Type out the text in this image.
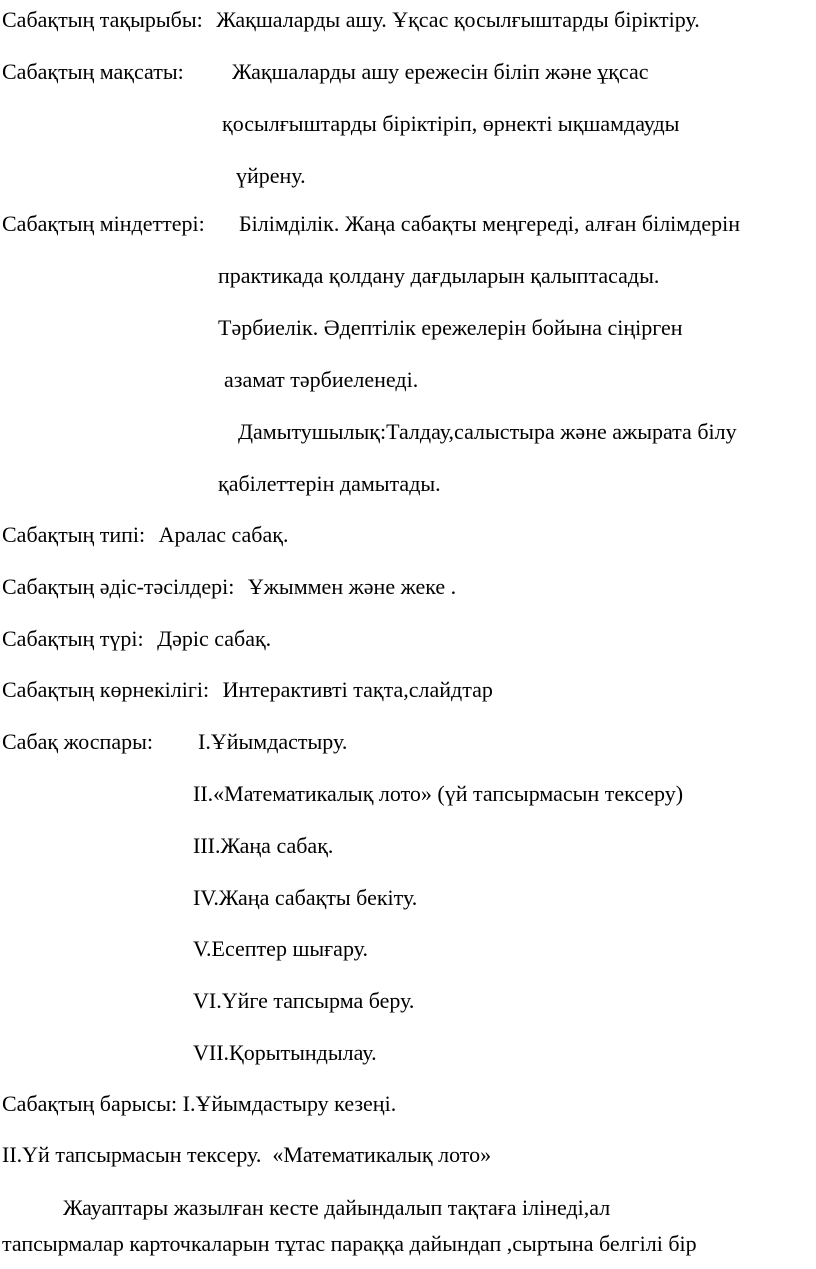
Сабақтың тақырыбы: Жақшаларды ашу. Ұқсас қосылғыштарды біріктіру.
Сабақтың мақсаты: Жақшаларды ашу ережесін біліп және ұқсас
қосылғыштарды біріктіріп, өрнекті ықшамдауды
үйрену.
Сабақтың міндеттері: Білімділік. Жаңа сабақты меңгереді, алған білімдерін
практикада қолдану дағдыларын қалыптасады.
Тәрбиелік. Әдептілік ережелерін бойына сіңірген
азамат тәрбиеленеді.
Дамытушылық:Талдау,салыстыра және ажырата білу
қабілеттерін дамытады.
Сабақтың типі: Аралас сабақ.
Сабақтың әдіс-тәсілдері: Ұжыммен және жеке .
Сабақтың түрі: Дәріс сабақ.
Сабақтың көрнекілігі: Интерактивті тақта,слайдтар
Сабақ жоспары: І.Ұйымдастыру.
ІІ.«Математикалық лото» (үй тапсырмасын тексеру)
ІІІ.Жаңа сабақ.
ІV.Жаңа сабақты бекіту.
V.Есептер шығару.
VІ.Үйге тапсырма беру.
VІІ.Қорытындылау.
Сабақтың барысы: І.Ұйымдастыру кезеңі.
ІІ.Үй тапсырмасын тексеру.  «Математикалық лото»
Жауаптары жазылған кесте дайындалып тақтаға ілінеді,ал
тапсырмалар карточкаларын тұтас параққа дайындап ,сыртына белгілі бір
